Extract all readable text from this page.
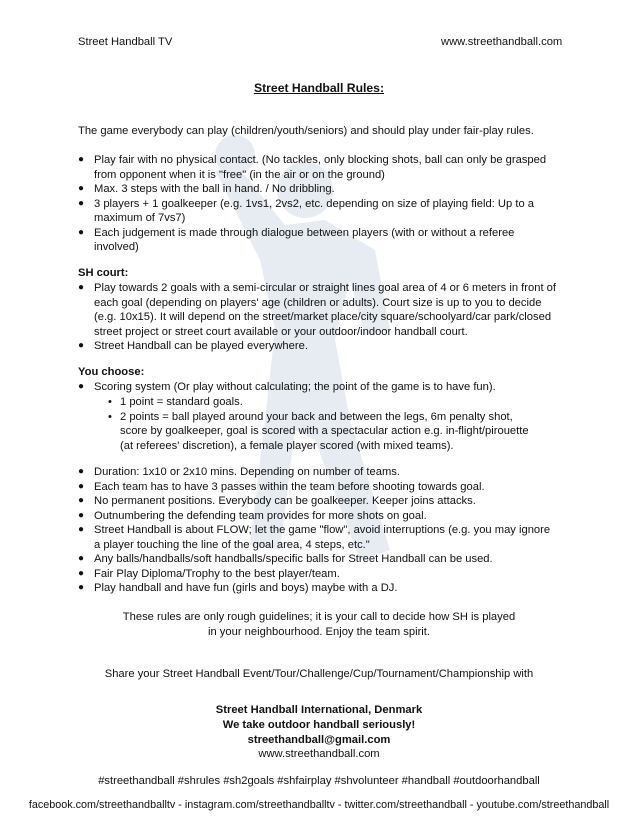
Street Handball TV	www.streethandball.com
Street Handball Rules:
The game everybody can play (children/youth/seniors) and should play under fair-play rules.
● Play fair with no physical contact. (No tackles, only blocking shots, ball can only be grasped from opponent when it is "free" (in the air or on the ground)
● Max. 3 steps with the ball in hand. / No dribbling.
● 3 players + 1 goalkeeper (e.g. 1vs1, 2vs2, etc. depending on size of playing field: Up to a maximum of 7vs7)
● Each judgement is made through dialogue between players (with or without a referee involved)
SH court:
● Play towards 2 goals with a semi-circular or straight lines goal area of 4 or 6 meters in front of each goal (depending on players' age (children or adults). Court size is up to you to decide (e.g. 10x15). It will depend on the street/market place/city square/schoolyard/car park/closed street project or street court available or your outdoor/indoor handball court.
● Street Handball can be played everywhere.
You choose:
● Scoring system (Or play without calculating; the point of the game is to have fun).
• 1 point = standard goals.
• 2 points = ball played around your back and between the legs, 6m penalty shot, score by goalkeeper, goal is scored with a spectacular action e.g. in-flight/pirouette (at referees' discretion), a female player scored (with mixed teams).
● Duration: 1x10 or 2x10 mins. Depending on number of teams.
● Each team has to have 3 passes within the team before shooting towards goal.
● No permanent positions. Everybody can be goalkeeper. Keeper joins attacks.
● Outnumbering the defending team provides for more shots on goal.
● Street Handball is about FLOW; let the game "flow", avoid interruptions (e.g. you may ignore a player touching the line of the goal area, 4 steps, etc."
● Any balls/handballs/soft handballs/specific balls for Street Handball can be used.
● Fair Play Diploma/Trophy to the best player/team.
● Play handball and have fun (girls and boys) maybe with a DJ.
These rules are only rough guidelines; it is your call to decide how SH is played
in your neighbourhood. Enjoy the team spirit.
Share your Street Handball Event/Tour/Challenge/Cup/Tournament/Championship with
Street Handball International, Denmark
We take outdoor handball seriously!
streethandball@gmail.com
www.streethandball.com
#streethandball #shrules #sh2goals #shfairplay #shvolunteer #handball #outdoorhandball
facebook.com/streethandballtv - instagram.com/streethandballtv - twitter.com/streethandball - youtube.com/streethandball
